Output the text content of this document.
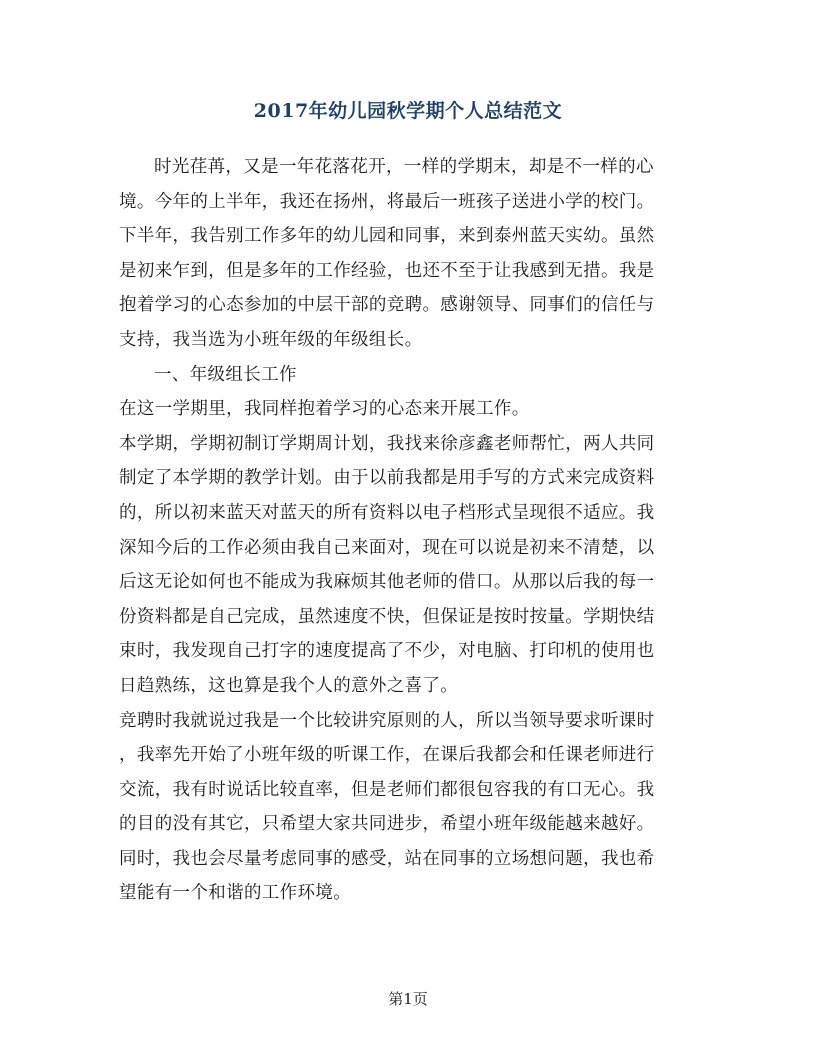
2017年幼儿园秋学期个人总结范文
时光荏苒，又是一年花落花开，一样的学期末，却是不一样的心
境。今年的上半年，我还在扬州，将最后一班孩子送进小学的校门。
下半年，我告别工作多年的幼儿园和同事，来到泰州蓝天实幼。虽然
是初来乍到，但是多年的工作经验，也还不至于让我感到无措。我是
抱着学习的心态参加的中层干部的竞聘。感谢领导、同事们的信任与
支持，我当选为小班年级的年级组长。
一、年级组长工作
在这一学期里，我同样抱着学习的心态来开展工作。
本学期，学期初制订学期周计划，我找来徐彦鑫老师帮忙，两人共同
制定了本学期的教学计划。由于以前我都是用手写的方式来完成资料
的，所以初来蓝天对蓝天的所有资料以电子档形式呈现很不适应。我
深知今后的工作必须由我自己来面对，现在可以说是初来不清楚，以
后这无论如何也不能成为我麻烦其他老师的借口。从那以后我的每一
份资料都是自己完成，虽然速度不快，但保证是按时按量。学期快结
束时，我发现自己打字的速度提高了不少，对电脑、打印机的使用也
日趋熟练，这也算是我个人的意外之喜了。
竞聘时我就说过我是一个比较讲究原则的人，所以当领导要求听课时
，我率先开始了小班年级的听课工作，在课后我都会和任课老师进行
交流，我有时说话比较直率，但是老师们都很包容我的有口无心。我
的目的没有其它，只希望大家共同进步，希望小班年级能越来越好。
同时，我也会尽量考虑同事的感受，站在同事的立场想问题，我也希
望能有一个和谐的工作环境。
第1页
